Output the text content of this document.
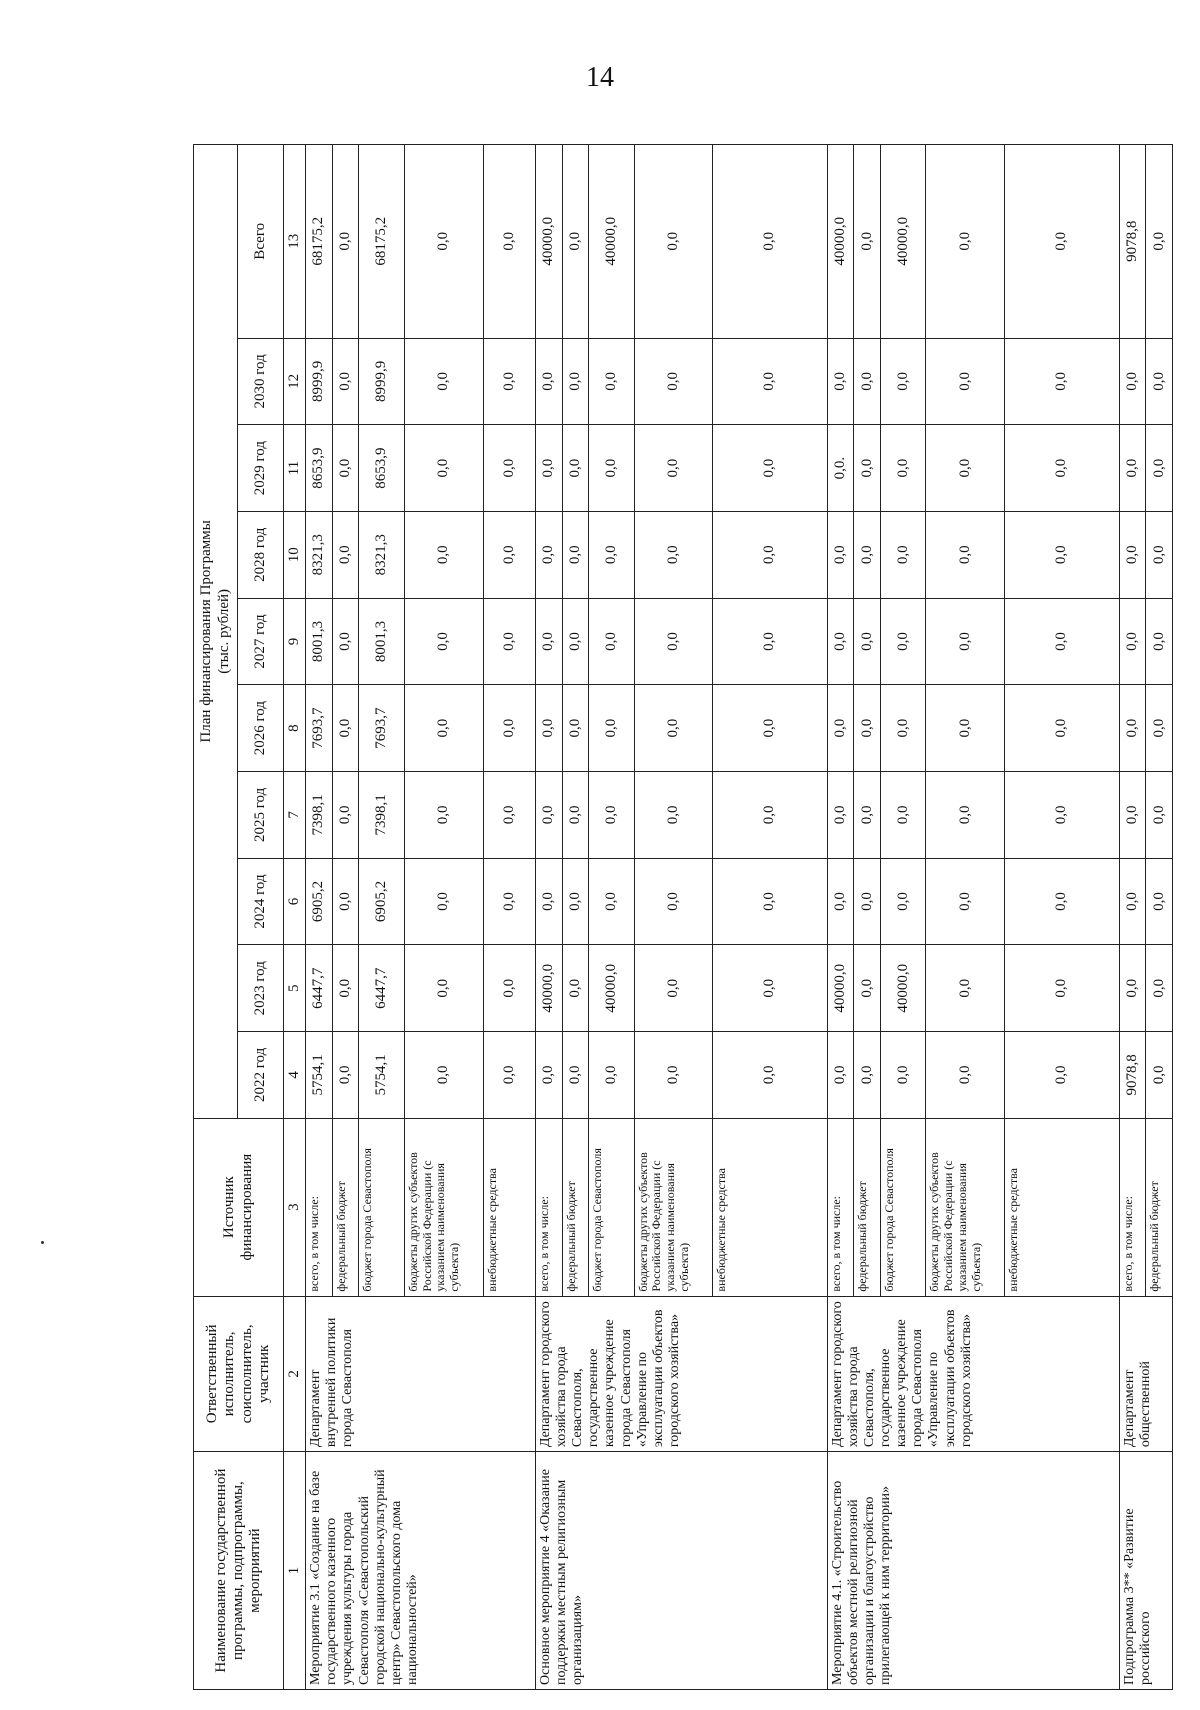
14
Наименование государственной программы, подпрограммы, мероприятий	Ответственный исполнитель, соисполнитель, участник	Источник финансирования	План финансирования Программы
(тыс. рублей)									
			2022 год	2023 год	2024 год	2025 год	2026 год	2027 год	2028 год	2029 год	2030 год	Всего

1	2	3	4	5	6	7	8	9	10	11	12	13
Мероприятие 3.1 «Создание на базе государственного казенного учреждения культуры города Севастополя «Севастопольский городской национально-культурный центр» Севастопольского дома национальностей»	Департамент внутренней политики города Севастополя	всего, в том числе:	5754,1	6447,7	6905,2	7398,1	7693,7	8001,3	8321,3	8653,9	8999,9	68175,2
		федеральный бюджет	0,0	0,0	0,0	0,0	0,0	0,0	0,0	0,0	0,0	0,0
		бюджет города Севастополя	5754,1	6447,7	6905,2	7398,1	7693,7	8001,3	8321,3	8653,9	8999,9	68175,2
		бюджеты других субъектов Российской Федерации (с указанием наименования субъекта)	0,0	0,0	0,0	0,0	0,0	0,0	0,0	0,0	0,0	0,0
		внебюджетные средства	0,0	0,0	0,0	0,0	0,0	0,0	0,0	0,0	0,0	0,0
Основное мероприятие 4 «Оказание поддержки местным религиозным организациям»	Департамент городского хозяйства города Севастополя, государственное казенное учреждение города Севастополя «Управление по эксплуатации объектов городского хозяйства»	всего, в том числе:	0,0	40000,0	0,0	0,0	0,0	0,0	0,0	0,0	0,0	40000,0
		федеральный бюджет	0,0	0,0	0,0	0,0	0,0	0,0	0,0	0,0	0,0	0,0
		бюджет города Севастополя	0,0	40000,0	0,0	0,0	0,0	0,0	0,0	0,0	0,0	40000,0
		бюджеты других субъектов Российской Федерации (с указанием наименования субъекта)	0,0	0,0	0,0	0,0	0,0	0,0	0,0	0,0	0,0	0,0
		внебюджетные средства	0,0	0,0	0,0	0,0	0,0	0,0	0,0	0,0	0,0	0,0
Мероприятие 4.1. «Строительство объектов местной религиозной организации и благоустройство прилегающей к ним территории»	Департамент городского хозяйства города Севастополя, государственное казенное учреждение города Севастополя «Управление по эксплуатации объектов городского хозяйства»	всего, в том числе:	0,0	40000,0	0,0	0,0	0,0	0,0	0,0	0,0.	0,0	40000,0
		федеральный бюджет	0,0	0,0	0,0	0,0	0,0	0,0	0,0	0,0	0,0	0,0
		бюджет города Севастополя	0,0	40000,0	0,0	0,0	0,0	0,0	0,0	0,0	0,0	40000,0
		бюджеты других субъектов Российской Федерации (с указанием наименования субъекта)	0,0	0,0	0,0	0,0	0,0	0,0	0,0	0,0	0,0	0,0
		внебюджетные средства	0,0	0,0	0,0	0,0	0,0	0,0	0,0	0,0	0,0	0,0
Подпрограмма 3** «Развитие российского	Департамент общественной	всего, в том числе:	9078,8	0,0	0,0	0,0	0,0	0,0	0,0	0,0	0,0	9078,8
		федеральный бюджет	0,0	0,0	0,0	0,0	0,0	0,0	0,0	0,0	0,0	0,0
